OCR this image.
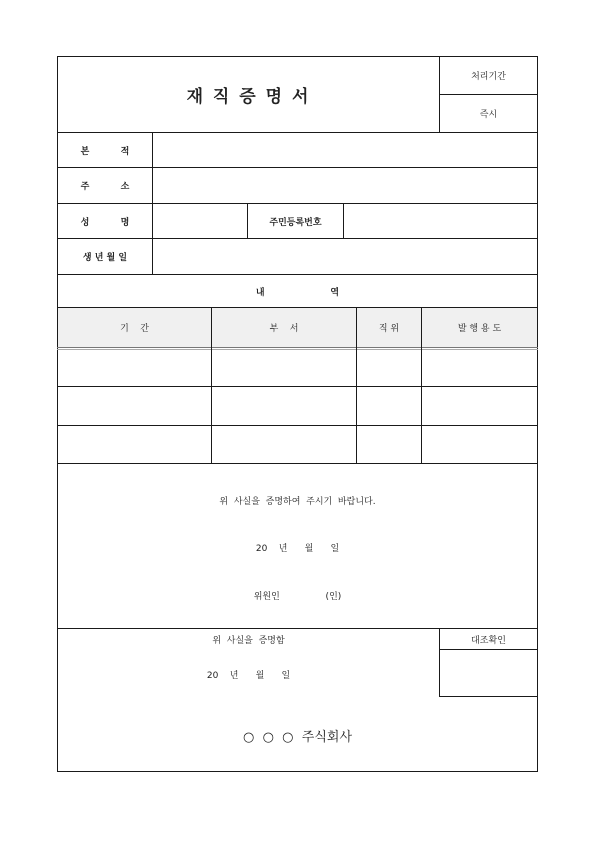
재 직 증 명 서
처리기간
즉시
본          적
주          소
성          명	주민등록번호
생 년 월 일
내                     역
기    간	부    서	직 위	발 행 용 도
위  사실을  증명하여  주시기  바랍니다.
20    년      월      일
위원인                (인)
위  사실을  증명함
20    년      월      일
대조확인
○  ○  ○  주식회사
